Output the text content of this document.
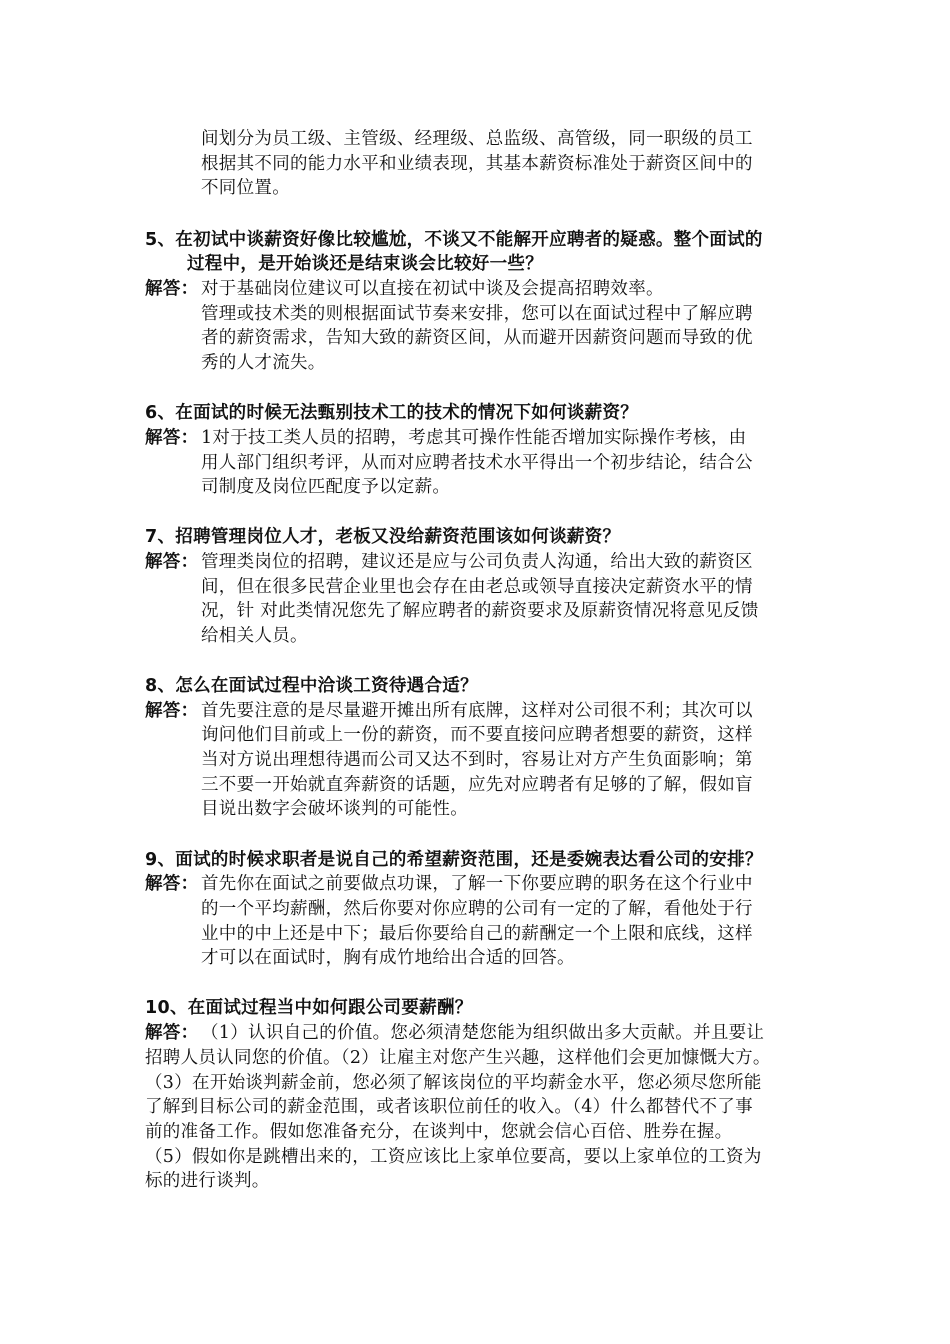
间划分为员工级、主管级、经理级、总监级、高管级，同一职级的员工
根据其不同的能力水平和业绩表现，其基本薪资标准处于薪资区间中的
不同位置。
5、在初试中谈薪资好像比较尴尬，不谈又不能解开应聘者的疑惑。整个面试的
过程中，是开始谈还是结束谈会比较好一些？
解答： 对于基础岗位建议可以直接在初试中谈及会提高招聘效率。
管理或技术类的则根据面试节奏来安排，您可以在面试过程中了解应聘
者的薪资需求，告知大致的薪资区间，从而避开因薪资问题而导致的优
秀的人才流失。
6、在面试的时候无法甄别技术工的技术的情况下如何谈薪资？
解答： 1对于技工类人员的招聘，考虑其可操作性能否增加实际操作考核，由
用人部门组织考评，从而对应聘者技术水平得出一个初步结论，结合公
司制度及岗位匹配度予以定薪。
7、招聘管理岗位人才，老板又没给薪资范围该如何谈薪资？
解答： 管理类岗位的招聘，建议还是应与公司负责人沟通，给出大致的薪资区
间，但在很多民营企业里也会存在由老总或领导直接决定薪资水平的情
况，针 对此类情况您先了解应聘者的薪资要求及原薪资情况将意见反馈
给相关人员。
8、怎么在面试过程中洽谈工资待遇合适？
解答： 首先要注意的是尽量避开摊出所有底牌，这样对公司很不利；其次可以
询问他们目前或上一份的薪资，而不要直接问应聘者想要的薪资，这样
当对方说出理想待遇而公司又达不到时，容易让对方产生负面影响；第
三不要一开始就直奔薪资的话题，应先对应聘者有足够的了解，假如盲
目说出数字会破坏谈判的可能性。
9、面试的时候求职者是说自己的希望薪资范围，还是委婉表达看公司的安排？
解答： 首先你在面试之前要做点功课，了解一下你要应聘的职务在这个行业中
的一个平均薪酬，然后你要对你应聘的公司有一定的了解，看他处于行
业中的中上还是中下；最后你要给自己的薪酬定一个上限和底线，这样
才可以在面试时，胸有成竹地给出合适的回答。
10、在面试过程当中如何跟公司要薪酬？
解答： （1）认识自己的价值。您必须清楚您能为组织做出多大贡献。并且要让
招聘人员认同您的价值。（2）让雇主对您产生兴趣，这样他们会更加慷慨大方。
（3）在开始谈判薪金前，您必须了解该岗位的平均薪金水平，您必须尽您所能
了解到目标公司的薪金范围，或者该职位前任的收入。（4）什么都替代不了事
前的准备工作。假如您准备充分，在谈判中，您就会信心百倍、胜券在握。
（5）假如你是跳槽出来的，工资应该比上家单位要高，要以上家单位的工资为
标的进行谈判。
